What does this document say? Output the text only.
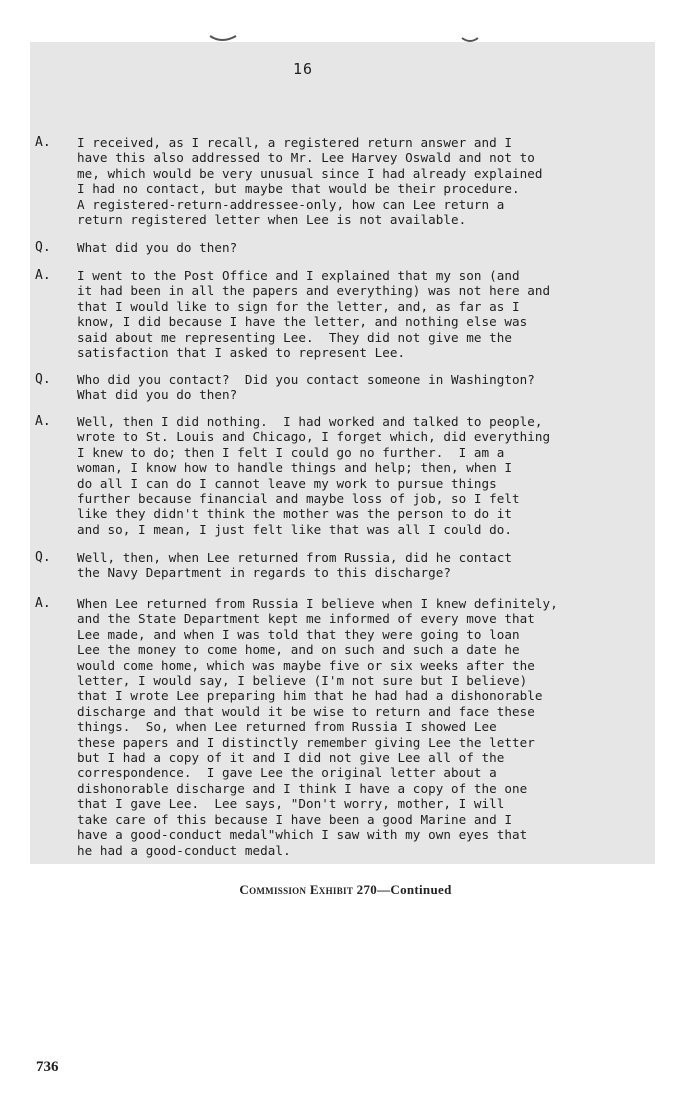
16
A.	I received, as I recall, a registered return answer and I
have this also addressed to Mr. Lee Harvey Oswald and not to
me, which would be very unusual since I had already explained
I had no contact, but maybe that would be their procedure.
A registered-return-addressee-only, how can Lee return a
return registered letter when Lee is not available.
Q.	What did you do then?
A.	I went to the Post Office and I explained that my son (and
it had been in all the papers and everything) was not here and
that I would like to sign for the letter, and, as far as I
know, I did because I have the letter, and nothing else was
said about me representing Lee.  They did not give me the
satisfaction that I asked to represent Lee.
Q.	Who did you contact?  Did you contact someone in Washington?
What did you do then?
A.	Well, then I did nothing.  I had worked and talked to people,
wrote to St. Louis and Chicago, I forget which, did everything
I knew to do; then I felt I could go no further.  I am a
woman, I know how to handle things and help; then, when I
do all I can do I cannot leave my work to pursue things
further because financial and maybe loss of job, so I felt
like they didn't think the mother was the person to do it
and so, I mean, I just felt like that was all I could do.
Q.	Well, then, when Lee returned from Russia, did he contact
the Navy Department in regards to this discharge?
A.	When Lee returned from Russia I believe when I knew definitely,
and the State Department kept me informed of every move that
Lee made, and when I was told that they were going to loan
Lee the money to come home, and on such and such a date he
would come home, which was maybe five or six weeks after the
letter, I would say, I believe (I'm not sure but I believe)
that I wrote Lee preparing him that he had had a dishonorable
discharge and that would it be wise to return and face these
things.  So, when Lee returned from Russia I showed Lee
these papers and I distinctly remember giving Lee the letter
but I had a copy of it and I did not give Lee all of the
correspondence.  I gave Lee the original letter about a
dishonorable discharge and I think I have a copy of the one
that I gave Lee.  Lee says, "Don't worry, mother, I will
take care of this because I have been a good Marine and I
have a good-conduct medal"which I saw with my own eyes that
he had a good-conduct medal.
Commission Exhibit 270—Continued
736
